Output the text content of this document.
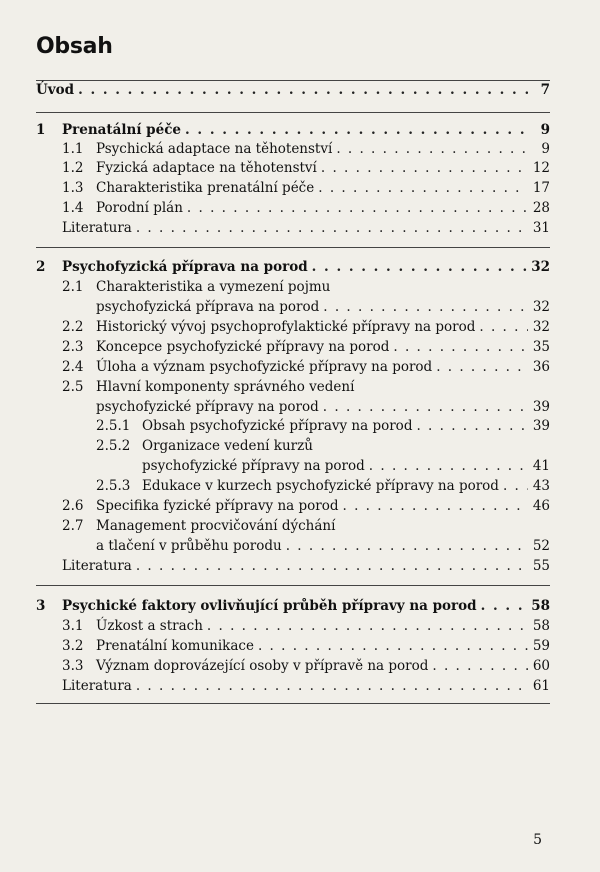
Obsah
Úvod . . .	7
1	Prenatální péče . . .	9
1.1 Psychická adaptace na těhotenství . . .	9
1.2 Fyzická adaptace na těhotenství . . .	12
1.3 Charakteristika prenatální péče . . .	17
1.4 Porodní plán . . .	28
Literatura . . .	31
2	Psychofyzická příprava na porod . . .	32
2.1 Charakteristika a vymezení pojmu
psychofyzická příprava na porod . . .	32
2.2 Historický vývoj psychoprofylaktické přípravy na porod . . .	32
2.3 Koncepce psychofyzické přípravy na porod . . .	35
2.4 Úloha a význam psychofyzické přípravy na porod . . .	36
2.5 Hlavní komponenty správného vedení
psychofyzické přípravy na porod . . .	39
2.5.1 Obsah psychofyzické přípravy na porod . . .	39
2.5.2 Organizace vedení kurzů
psychofyzické přípravy na porod . . .	41
2.5.3 Edukace v kurzech psychofyzické přípravy na porod . . .	43
2.6 Specifika fyzické přípravy na porod . . .	46
2.7 Management procvičování dýchání
a tlačení v průběhu porodu . . .	52
Literatura . . .	55
3	Psychické faktory ovlivňující průběh přípravy na porod . . .	58
3.1 Úzkost a strach . . .	58
3.2 Prenatální komunikace . . .	59
3.3 Význam doprovázející osoby v přípravě na porod . . .	60
Literatura . . .	61
5
